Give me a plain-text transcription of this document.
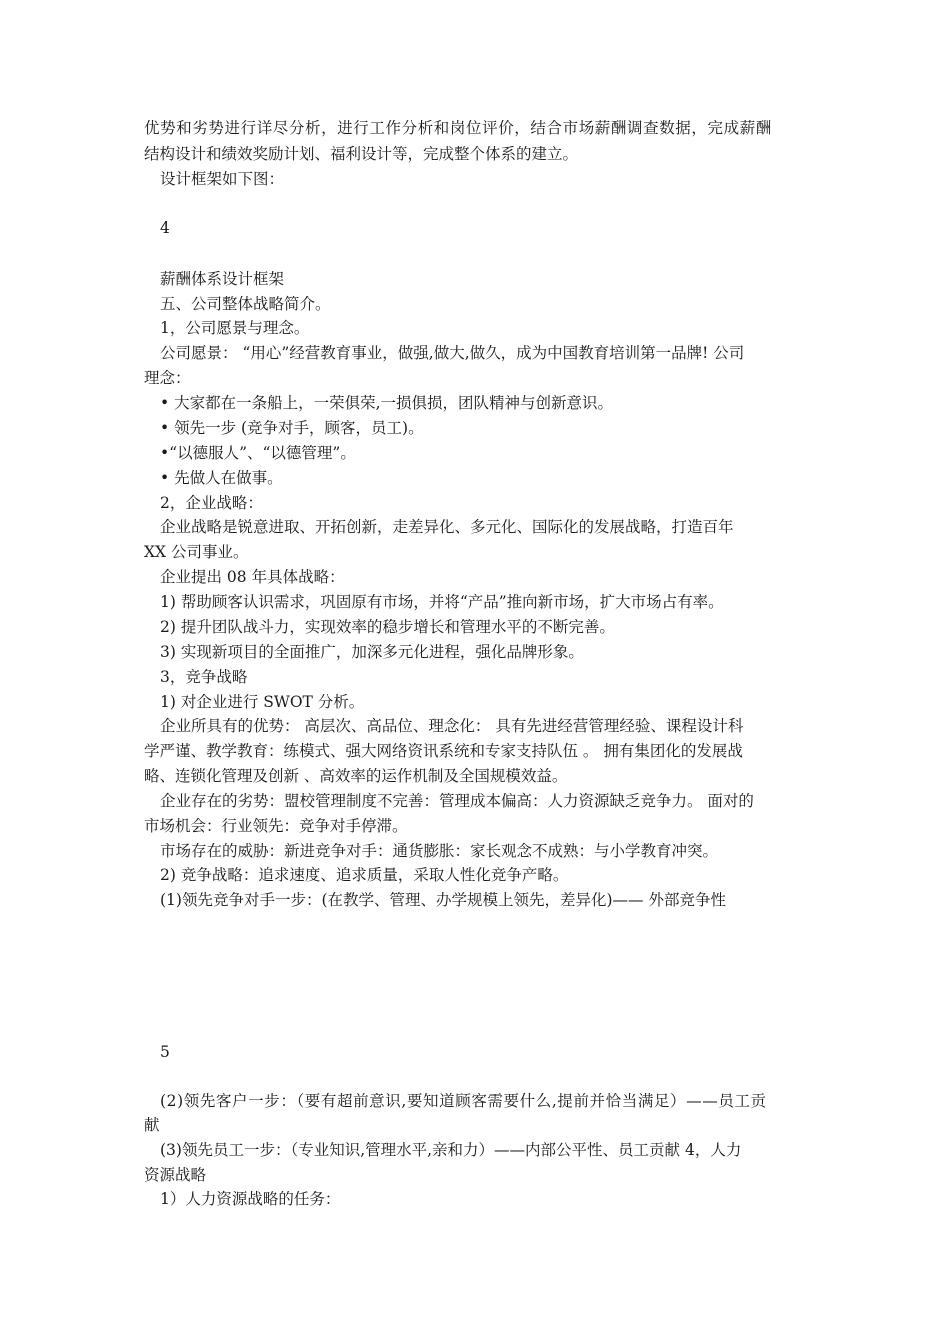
优势和劣势进行详尽分析，进行工作分析和岗位评价，结合市场薪酬调查数据，完成薪酬
结构设计和绩效奖励计划、福利设计等，完成整个体系的建立。
设计框架如下图：
4
薪酬体系设计框架
五、公司整体战略简介。
1，公司愿景与理念。
公司愿景： “用心”经营教育事业，做强,做大,做久，成为中国教育培训第一品牌! 公司
理念：
• 大家都在一条船上，一荣俱荣,一损俱损，团队精神与创新意识。
• 领先一步 (竞争对手，顾客，员工)。
•“以德服人”、“以德管理”。
• 先做人在做事。
2，企业战略：
企业战略是锐意进取、开拓创新，走差异化、多元化、国际化的发展战略，打造百年
XX 公司事业。
企业提出 08 年具体战略：
1) 帮助顾客认识需求，巩固原有市场，并将“产品”推向新市场，扩大市场占有率。
2) 提升团队战斗力，实现效率的稳步增长和管理水平的不断完善。
3) 实现新项目的全面推广，加深多元化进程，强化品牌形象。
3，竞争战略
1) 对企业进行 SWOT 分析。
企业所具有的优势： 高层次、高品位、理念化： 具有先进经营管理经验、课程设计科
学严谨、教学教育：练模式、强大网络资讯系统和专家支持队伍 。 拥有集团化的发展战
略、连锁化管理及创新 、高效率的运作机制及全国规模效益。
企业存在的劣势：盟校管理制度不完善：管理成本偏高：人力资源缺乏竞争力。 面对的
市场机会：行业领先：竞争对手停滞。
市场存在的威胁：新进竞争对手：通货膨胀：家长观念不成熟：与小学教育冲突。
2) 竞争战略：追求速度、追求质量，采取人性化竞争产略。
(1)领先竞争对手一步：(在教学、管理、办学规模上领先，差异化)—— 外部竞争性
5
(2)领先客户一步：（要有超前意识,要知道顾客需要什么,提前并恰当满足）——员工贡
献
(3)领先员工一步：（专业知识,管理水平,亲和力）——内部公平性、员工贡献 4，人力
资源战略
1）人力资源战略的任务：
